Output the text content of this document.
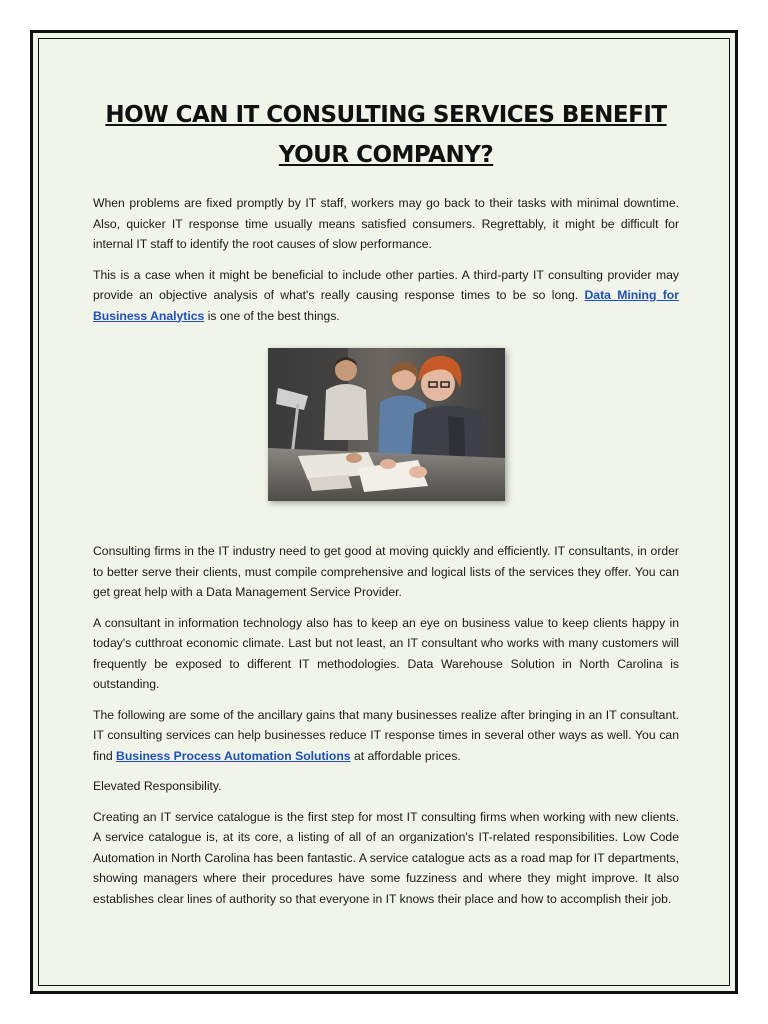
HOW CAN IT CONSULTING SERVICES BENEFIT YOUR COMPANY?

When problems are fixed promptly by IT staff, workers may go back to their tasks with minimal downtime. Also, quicker IT response time usually means satisfied consumers. Regrettably, it might be difficult for internal IT staff to identify the root causes of slow performance.

This is a case when it might be beneficial to include other parties. A third-party IT consulting provider may provide an objective analysis of what's really causing response times to be so long. Data Mining for Business Analytics is one of the best things.

Consulting firms in the IT industry need to get good at moving quickly and efficiently. IT consultants, in order to better serve their clients, must compile comprehensive and logical lists of the services they offer. You can get great help with a Data Management Service Provider.

A consultant in information technology also has to keep an eye on business value to keep clients happy in today's cutthroat economic climate. Last but not least, an IT consultant who works with many customers will frequently be exposed to different IT methodologies. Data Warehouse Solution in North Carolina is outstanding.

The following are some of the ancillary gains that many businesses realize after bringing in an IT consultant. IT consulting services can help businesses reduce IT response times in several other ways as well. You can find Business Process Automation Solutions at affordable prices.

Elevated Responsibility.

Creating an IT service catalogue is the first step for most IT consulting firms when working with new clients. A service catalogue is, at its core, a listing of all of an organization's IT-related responsibilities. Low Code Automation in North Carolina has been fantastic. A service catalogue acts as a road map for IT departments, showing managers where their procedures have some fuzziness and where they might improve. It also establishes clear lines of authority so that everyone in IT knows their place and how to accomplish their job.
